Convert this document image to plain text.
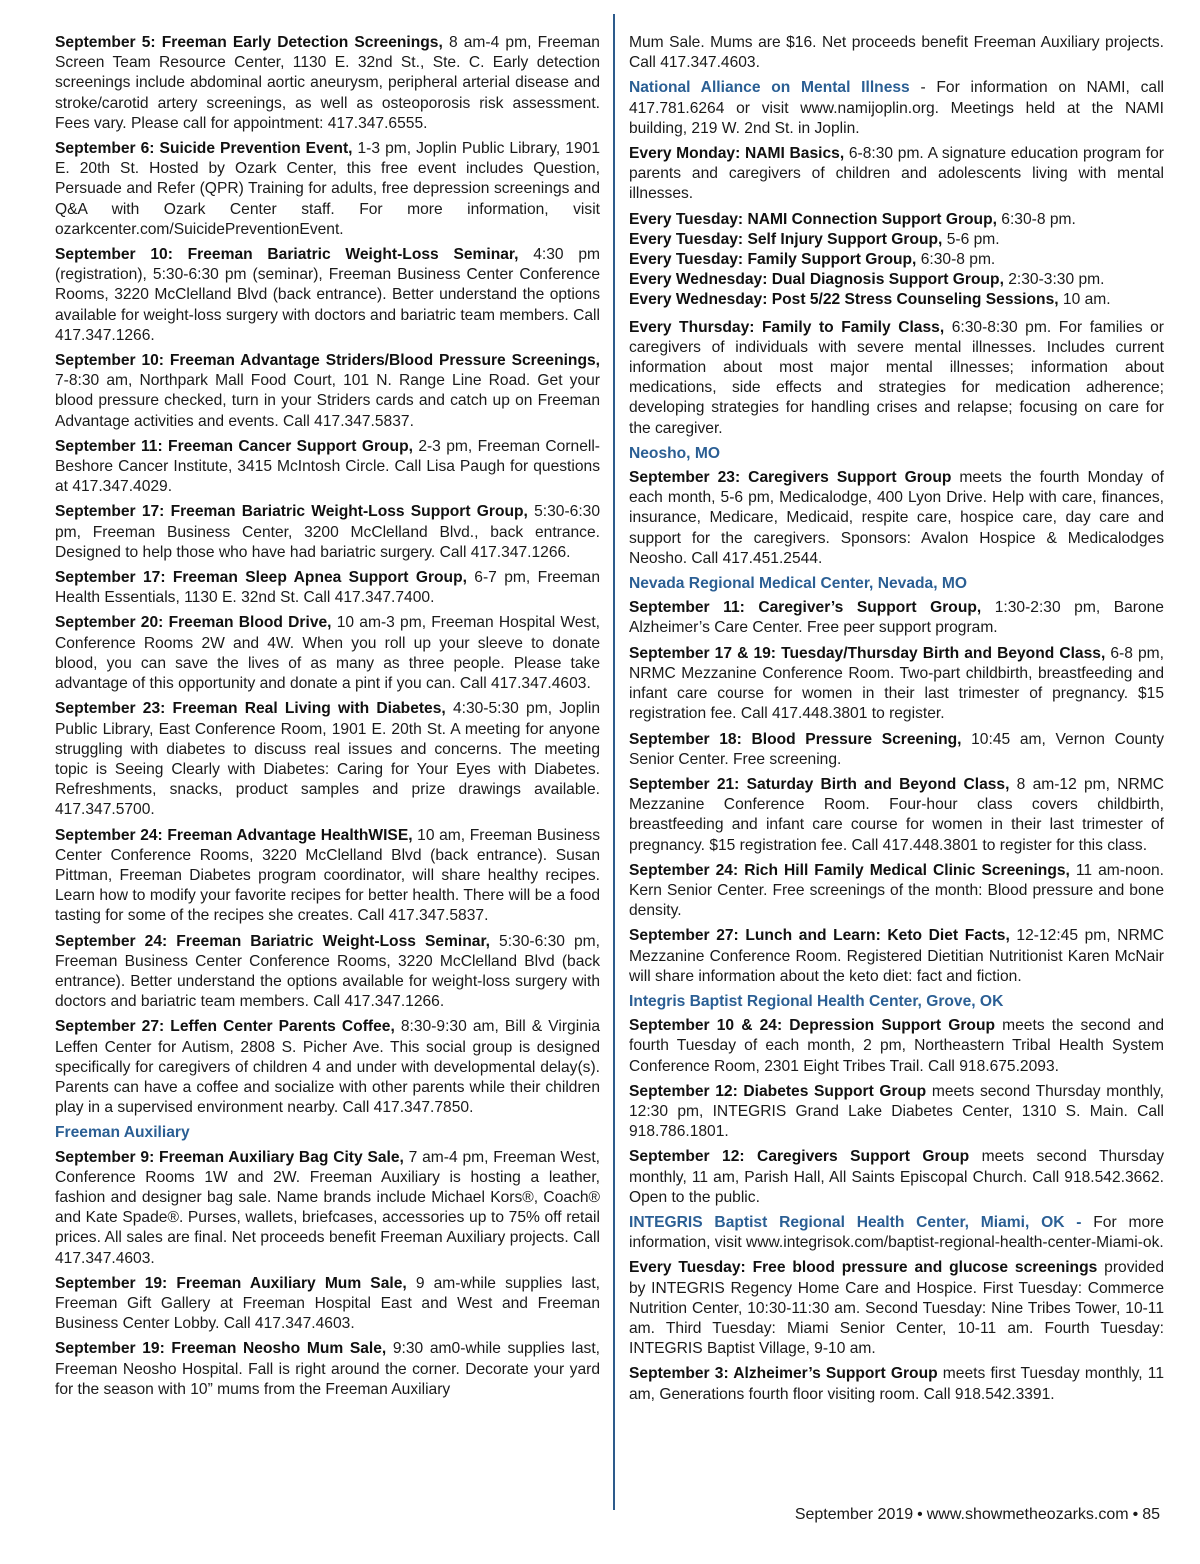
September 5: Freeman Early Detection Screenings, 8 am-4 pm, Freeman Screen Team Resource Center, 1130 E. 32nd St., Ste. C. Early detection screenings include abdominal aortic aneurysm, peripheral arterial disease and stroke/carotid artery screenings, as well as osteoporosis risk assessment. Fees vary. Please call for appointment: 417.347.6555.

September 6: Suicide Prevention Event, 1-3 pm, Joplin Public Library, 1901 E. 20th St. Hosted by Ozark Center, this free event includes Question, Persuade and Refer (QPR) Training for adults, free depression screenings and Q&A with Ozark Center staff. For more information, visit ozarkcenter.com/SuicidePreventionEvent.

September 10: Freeman Bariatric Weight-Loss Seminar, 4:30 pm (registration), 5:30-6:30 pm (seminar), Freeman Business Center Conference Rooms, 3220 McClelland Blvd (back entrance). Better understand the options available for weight-loss surgery with doctors and bariatric team members. Call 417.347.1266.

September 10: Freeman Advantage Striders/Blood Pressure Screenings, 7-8:30 am, Northpark Mall Food Court, 101 N. Range Line Road. Get your blood pressure checked, turn in your Striders cards and catch up on Freeman Advantage activities and events. Call 417.347.5837.

September 11: Freeman Cancer Support Group, 2-3 pm, Freeman Cornell-Beshore Cancer Institute, 3415 McIntosh Circle. Call Lisa Paugh for questions at 417.347.4029.

September 17: Freeman Bariatric Weight-Loss Support Group, 5:30-6:30 pm, Freeman Business Center, 3200 McClelland Blvd., back entrance. Designed to help those who have had bariatric surgery. Call 417.347.1266.

September 17: Freeman Sleep Apnea Support Group, 6-7 pm, Freeman Health Essentials, 1130 E. 32nd St. Call 417.347.7400.

September 20: Freeman Blood Drive, 10 am-3 pm, Freeman Hospital West, Conference Rooms 2W and 4W. When you roll up your sleeve to donate blood, you can save the lives of as many as three people. Please take advantage of this opportunity and donate a pint if you can. Call 417.347.4603.

September 23: Freeman Real Living with Diabetes, 4:30-5:30 pm, Joplin Public Library, East Conference Room, 1901 E. 20th St. A meeting for anyone struggling with diabetes to discuss real issues and concerns. The meeting topic is Seeing Clearly with Diabetes: Caring for Your Eyes with Diabetes. Refreshments, snacks, product samples and prize drawings available. 417.347.5700.

September 24: Freeman Advantage HealthWISE, 10 am, Freeman Business Center Conference Rooms, 3220 McClelland Blvd (back entrance). Susan Pittman, Freeman Diabetes program coordinator, will share healthy recipes. Learn how to modify your favorite recipes for better health. There will be a food tasting for some of the recipes she creates. Call 417.347.5837.

September 24: Freeman Bariatric Weight-Loss Seminar, 5:30-6:30 pm, Freeman Business Center Conference Rooms, 3220 McClelland Blvd (back entrance). Better understand the options available for weight-loss surgery with doctors and bariatric team members. Call 417.347.1266.

September 27: Leffen Center Parents Coffee, 8:30-9:30 am, Bill & Virginia Leffen Center for Autism, 2808 S. Picher Ave. This social group is designed specifically for caregivers of children 4 and under with developmental delay(s). Parents can have a coffee and socialize with other parents while their children play in a supervised environment nearby. Call 417.347.7850.

Freeman Auxiliary

September 9: Freeman Auxiliary Bag City Sale, 7 am-4 pm, Freeman West, Conference Rooms 1W and 2W. Freeman Auxiliary is hosting a leather, fashion and designer bag sale. Name brands include Michael Kors®, Coach® and Kate Spade®. Purses, wallets, briefcases, accessories up to 75% off retail prices. All sales are final. Net proceeds benefit Freeman Auxiliary projects. Call 417.347.4603.

September 19: Freeman Auxiliary Mum Sale, 9 am-while supplies last, Freeman Gift Gallery at Freeman Hospital East and West and Freeman Business Center Lobby. Call 417.347.4603.

September 19: Freeman Neosho Mum Sale, 9:30 am0-while supplies last, Freeman Neosho Hospital. Fall is right around the corner. Decorate your yard for the season with 10” mums from the Freeman Auxiliary

Mum Sale. Mums are $16. Net proceeds benefit Freeman Auxiliary projects. Call 417.347.4603.

National Alliance on Mental Illness - For information on NAMI, call 417.781.6264 or visit www.namijoplin.org. Meetings held at the NAMI building, 219 W. 2nd St. in Joplin.

Every Monday: NAMI Basics, 6-8:30 pm. A signature education program for parents and caregivers of children and adolescents living with mental illnesses.

Every Tuesday: NAMI Connection Support Group, 6:30-8 pm.

Every Tuesday: Self Injury Support Group, 5-6 pm.

Every Tuesday: Family Support Group, 6:30-8 pm.

Every Wednesday: Dual Diagnosis Support Group, 2:30-3:30 pm.

Every Wednesday: Post 5/22 Stress Counseling Sessions, 10 am.

Every Thursday: Family to Family Class, 6:30-8:30 pm. For families or caregivers of individuals with severe mental illnesses. Includes current information about most major mental illnesses; information about medications, side effects and strategies for medication adherence; developing strategies for handling crises and relapse; focusing on care for the caregiver.

Neosho, MO

September 23: Caregivers Support Group meets the fourth Monday of each month, 5-6 pm, Medicalodge, 400 Lyon Drive. Help with care, finances, insurance, Medicare, Medicaid, respite care, hospice care, day care and support for the caregivers. Sponsors: Avalon Hospice & Medicalodges Neosho. Call 417.451.2544.

Nevada Regional Medical Center, Nevada, MO

September 11: Caregiver’s Support Group, 1:30-2:30 pm, Barone Alzheimer’s Care Center. Free peer support program.

September 17 & 19: Tuesday/Thursday Birth and Beyond Class, 6-8 pm, NRMC Mezzanine Conference Room. Two-part childbirth, breastfeeding and infant care course for women in their last trimester of pregnancy. $15 registration fee. Call 417.448.3801 to register.

September 18: Blood Pressure Screening, 10:45 am, Vernon County Senior Center. Free screening.

September 21: Saturday Birth and Beyond Class, 8 am-12 pm, NRMC Mezzanine Conference Room. Four-hour class covers childbirth, breastfeeding and infant care course for women in their last trimester of pregnancy. $15 registration fee. Call 417.448.3801 to register for this class.

September 24: Rich Hill Family Medical Clinic Screenings, 11 am-noon. Kern Senior Center. Free screenings of the month: Blood pressure and bone density.

September 27: Lunch and Learn: Keto Diet Facts, 12-12:45 pm, NRMC Mezzanine Conference Room. Registered Dietitian Nutritionist Karen McNair will share information about the keto diet: fact and fiction.

Integris Baptist Regional Health Center, Grove, OK

September 10 & 24: Depression Support Group meets the second and fourth Tuesday of each month, 2 pm, Northeastern Tribal Health System Conference Room, 2301 Eight Tribes Trail. Call 918.675.2093.

September 12: Diabetes Support Group meets second Thursday monthly, 12:30 pm, INTEGRIS Grand Lake Diabetes Center, 1310 S. Main. Call 918.786.1801.

September 12: Caregivers Support Group meets second Thursday monthly, 11 am, Parish Hall, All Saints Episcopal Church. Call 918.542.3662. Open to the public.

INTEGRIS Baptist Regional Health Center, Miami, OK - For more information, visit www.integrisok.com/baptist-regional-health-center-Miami-ok.

Every Tuesday: Free blood pressure and glucose screenings provided by INTEGRIS Regency Home Care and Hospice. First Tuesday: Commerce Nutrition Center, 10:30-11:30 am. Second Tuesday: Nine Tribes Tower, 10-11 am. Third Tuesday: Miami Senior Center, 10-11 am. Fourth Tuesday: INTEGRIS Baptist Village, 9-10 am.

September 3: Alzheimer’s Support Group meets first Tuesday monthly, 11 am, Generations fourth floor visiting room. Call 918.542.3391.

September 2019 • www.showmetheozarks.com • 85
